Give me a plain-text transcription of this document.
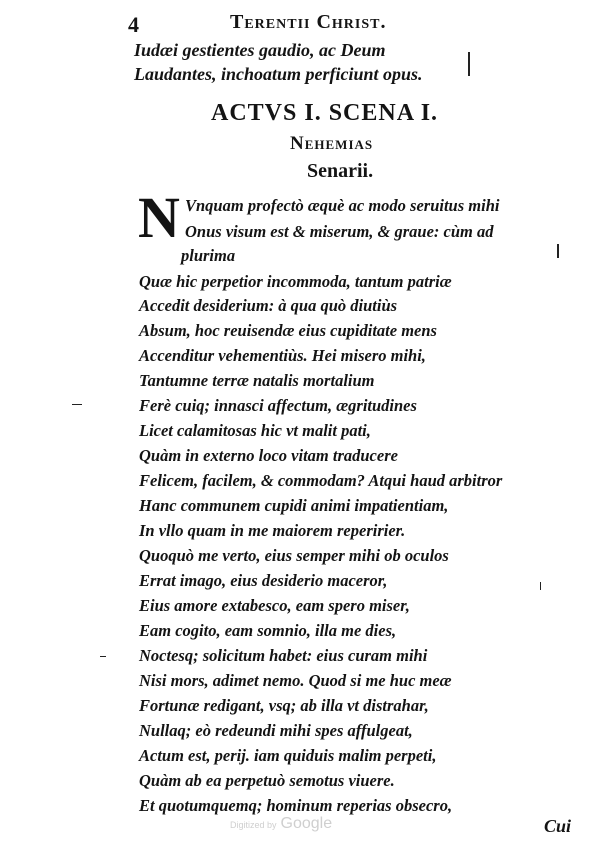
4	Terentii Christ.
Iudæi gestientes gaudio, ac Deum
Laudantes, inchoatum perficiunt opus.
ACTVS I. SCENA I.
Nehemias
Senarii.
N Vnquam profectò æquè ac modo seruitus mihi
Onus visum est & miserum, & graue: cùm ad
plurima
Quæ hic perpetior incommoda, tantum patriæ
Accedit desiderium: à qua quò diutiùs
Absum, hoc reuisendæ eius cupiditate mens
Accenditur vehementiùs. Hei misero mihi,
Tantumne terræ natalis mortalium
Ferè cuiq; innasci affectum, ægritudines
Licet calamitosas hic vt malit pati,
Quàm in externo loco vitam traducere
Felicem, facilem, & commodam? Atqui haud arbitror
Hanc communem cupidi animi impatientiam,
In vllo quam in me maiorem reperirier.
Quoquò me verto, eius semper mihi ob oculos
Errat imago, eius desiderio maceror,
Eius amore extabesco, eam spero miser,
Eam cogito, eam somnio, illa me dies,
Noctesq; solicitum habet: eius curam mihi
Nisi mors, adimet nemo. Quod si me huc meæ
Fortunæ redigant, vsq; ab illa vt distrahar,
Nullaq; eò redeundi mihi spes affulgeat,
Actum est, perij. iam quiduis malim perpeti,
Quàm ab ea perpetuò semotus viuere.
Et quotumquemq; hominum reperias obsecro,
Cui
Digitized by Google
